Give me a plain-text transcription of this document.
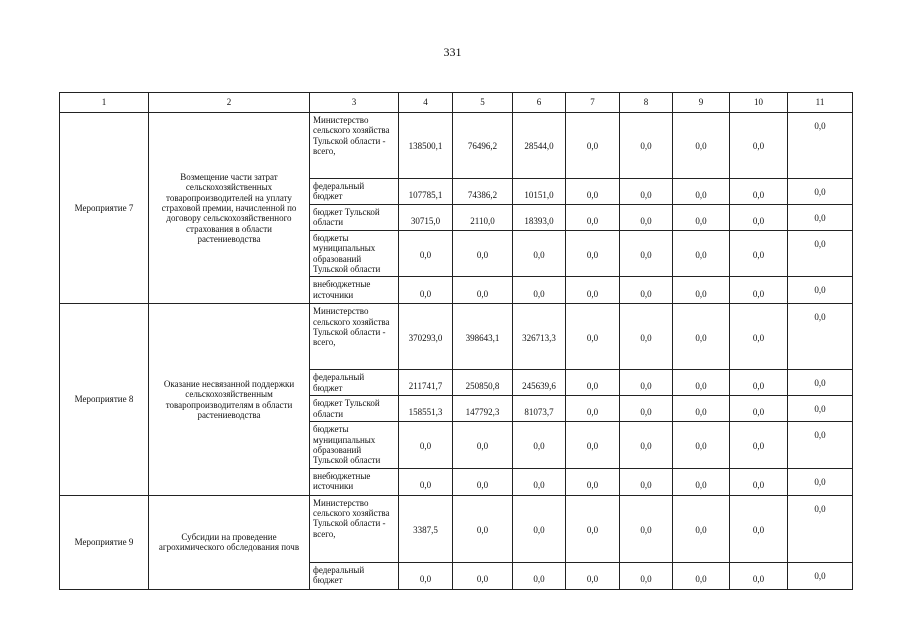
331
1	2	3	4	5	6	7	8	9	10	11
Мероприятие 7	Возмещение части затрат сельскохозяйственных товаропроизводителей на уплату страховой премии, начисленной по договору сельскохозяйственного страхования в области растениеводства	Министерство сельского хозяйства Тульской области - всего,	138500,1	76496,2	28544,0	0,0	0,0	0,0	0,0	0,0
		федеральный бюджет	107785,1	74386,2	10151,0	0,0	0,0	0,0	0,0	0,0
		бюджет Тульской области	30715,0	2110,0	18393,0	0,0	0,0	0,0	0,0	0,0
		бюджеты муниципальных образований Тульской области	0,0	0,0	0,0	0,0	0,0	0,0	0,0	0,0
		внебюджетные источники	0,0	0,0	0,0	0,0	0,0	0,0	0,0	0,0
Мероприятие 8	Оказание несвязанной поддержки сельскохозяйственным товаропроизводителям в области растениеводства	Министерство сельского хозяйства Тульской области - всего,	370293,0	398643,1	326713,3	0,0	0,0	0,0	0,0	0,0
		федеральный бюджет	211741,7	250850,8	245639,6	0,0	0,0	0,0	0,0	0,0
		бюджет Тульской области	158551,3	147792,3	81073,7	0,0	0,0	0,0	0,0	0,0
		бюджеты муниципальных образований Тульской области	0,0	0,0	0,0	0,0	0,0	0,0	0,0	0,0
		внебюджетные источники	0,0	0,0	0,0	0,0	0,0	0,0	0,0	0,0
Мероприятие 9	Субсидии на проведение агрохимического обследования почв	Министерство сельского хозяйства Тульской области - всего,	3387,5	0,0	0,0	0,0	0,0	0,0	0,0	0,0
		федеральный бюджет	0,0	0,0	0,0	0,0	0,0	0,0	0,0	0,0
